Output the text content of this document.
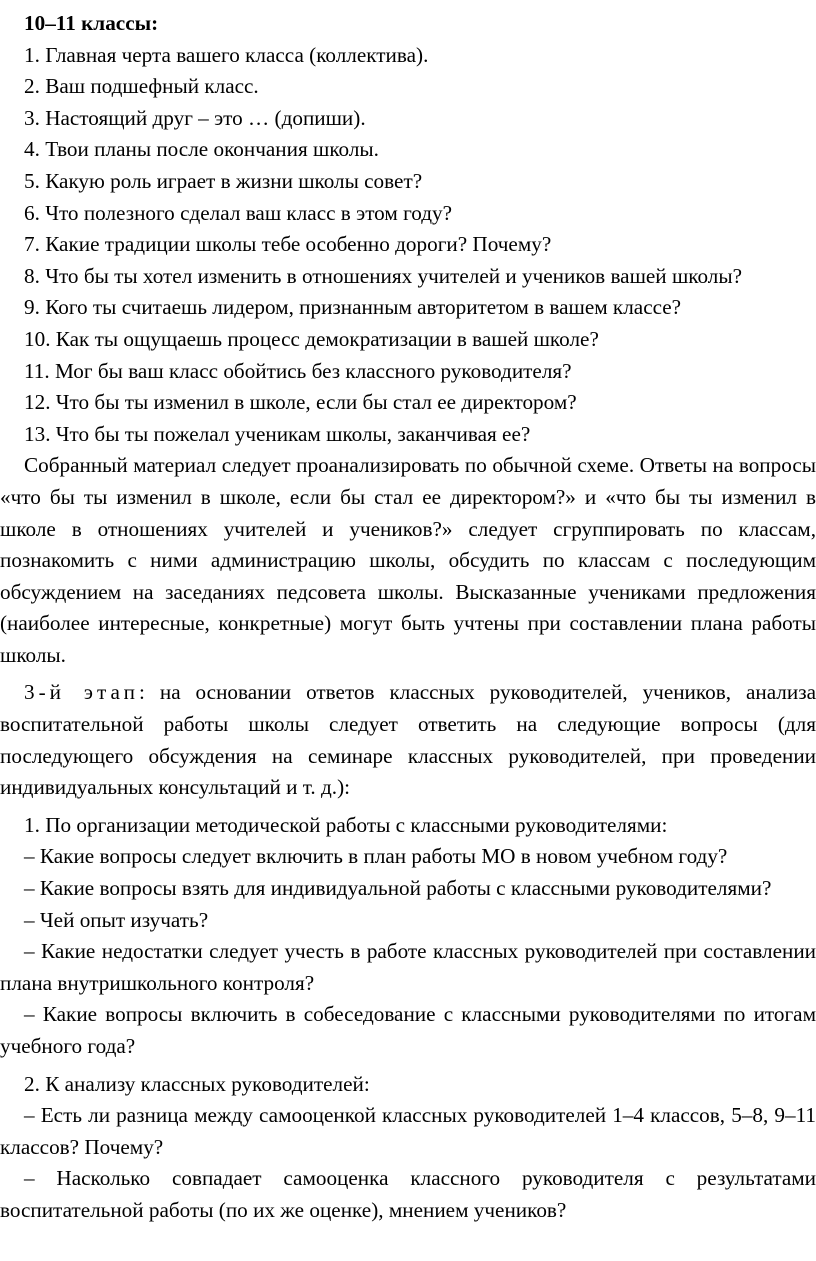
10–11 классы:

1. Главная черта вашего класса (коллектива).

2. Ваш подшефный класс.

3. Настоящий друг – это … (допиши).

4. Твои планы после окончания школы.

5. Какую роль играет в жизни школы совет?

6. Что полезного сделал ваш класс в этом году?

7. Какие традиции школы тебе особенно дороги? Почему?

8. Что бы ты хотел изменить в отношениях учителей и учеников вашей школы?

9. Кого ты считаешь лидером, признанным авторитетом в вашем классе?

10. Как ты ощущаешь процесс демократизации в вашей школе?

11. Мог бы ваш класс обойтись без классного руководителя?

12. Что бы ты изменил в школе, если бы стал ее директором?

13. Что бы ты пожелал ученикам школы, заканчивая ее?

Собранный материал следует проанализировать по обычной схеме. Ответы на вопросы «что бы ты изменил в школе, если бы стал ее директором?» и «что бы ты изменил в школе в отношениях учителей и учеников?» следует сгруппировать по классам, познакомить с ними администрацию школы, обсудить по классам с последующим обсуждением на заседаниях педсовета школы. Высказанные учениками предложения (наиболее интересные, конкретные) могут быть учтены при составлении плана работы школы.

3-й этап: на основании ответов классных руководителей, учеников, анализа воспитательной работы школы следует ответить на следующие вопросы (для последующего обсуждения на семинаре классных руководителей, при проведении индивидуальных консультаций и т. д.):

1. По организации методической работы с классными руководителями:

– Какие вопросы следует включить в план работы МО в новом учебном году?

– Какие вопросы взять для индивидуальной работы с классными руководителями?

– Чей опыт изучать?

– Какие недостатки следует учесть в работе классных руководителей при составлении плана внутришкольного контроля?

– Какие вопросы включить в собеседование с классными руководителями по итогам учебного года?

2. К анализу классных руководителей:

– Есть ли разница между самооценкой классных руководителей 1–4 классов, 5–8, 9–11 классов? Почему?

– Насколько совпадает самооценка классного руководителя с результатами воспитательной работы (по их же оценке), мнением учеников?
